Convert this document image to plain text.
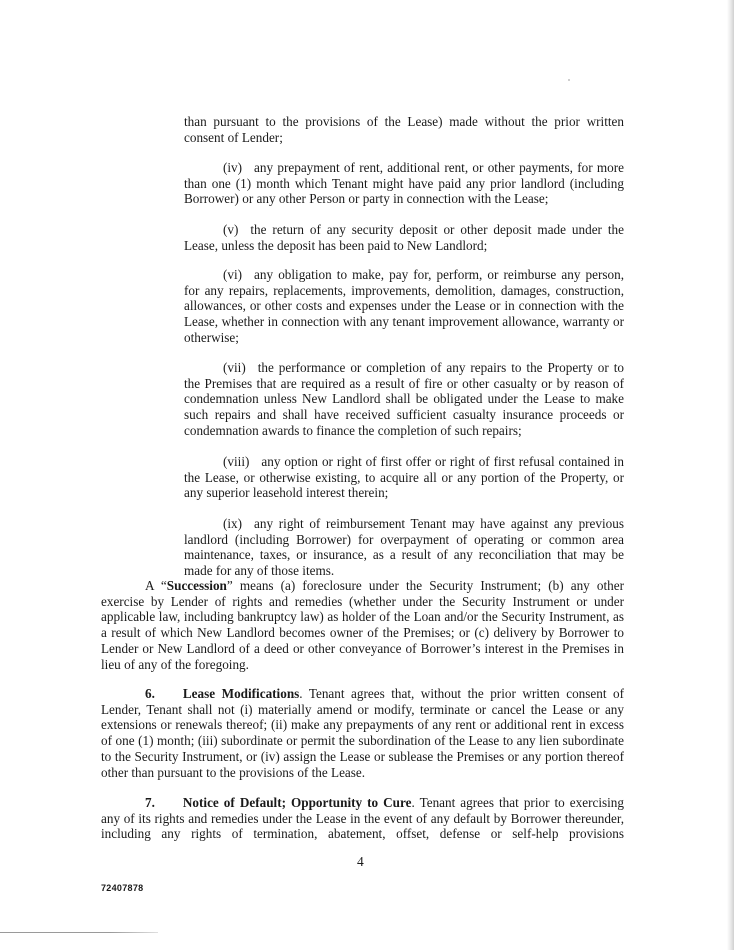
than pursuant to the provisions of the Lease) made without the prior written consent of Lender;

(iv) any prepayment of rent, additional rent, or other payments, for more than one (1) month which Tenant might have paid any prior landlord (including Borrower) or any other Person or party in connection with the Lease;

(v) the return of any security deposit or other deposit made under the Lease, unless the deposit has been paid to New Landlord;

(vi) any obligation to make, pay for, perform, or reimburse any person, for any repairs, replacements, improvements, demolition, damages, construction, allowances, or other costs and expenses under the Lease or in connection with the Lease, whether in connection with any tenant improvement allowance, warranty or otherwise;

(vii) the performance or completion of any repairs to the Property or to the Premises that are required as a result of fire or other casualty or by reason of condemnation unless New Landlord shall be obligated under the Lease to make such repairs and shall have received sufficient casualty insurance proceeds or condemnation awards to finance the completion of such repairs;

(viii) any option or right of first offer or right of first refusal contained in the Lease, or otherwise existing, to acquire all or any portion of the Property, or any superior leasehold interest therein;

(ix) any right of reimbursement Tenant may have against any previous landlord (including Borrower) for overpayment of operating or common area maintenance, taxes, or insurance, as a result of any reconciliation that may be made for any of those items.

A “Succession” means (a) foreclosure under the Security Instrument; (b) any other exercise by Lender of rights and remedies (whether under the Security Instrument or under applicable law, including bankruptcy law) as holder of the Loan and/or the Security Instrument, as a result of which New Landlord becomes owner of the Premises; or (c) delivery by Borrower to Lender or New Landlord of a deed or other conveyance of Borrower’s interest in the Premises in lieu of any of the foregoing.

6. Lease Modifications. Tenant agrees that, without the prior written consent of Lender, Tenant shall not (i) materially amend or modify, terminate or cancel the Lease or any extensions or renewals thereof; (ii) make any prepayments of any rent or additional rent in excess of one (1) month; (iii) subordinate or permit the subordination of the Lease to any lien subordinate to the Security Instrument, or (iv) assign the Lease or sublease the Premises or any portion thereof other than pursuant to the provisions of the Lease.

7. Notice of Default; Opportunity to Cure. Tenant agrees that prior to exercising any of its rights and remedies under the Lease in the event of any default by Borrower thereunder, including any rights of termination, abatement, offset, defense or self-help provisions

4
72407878
